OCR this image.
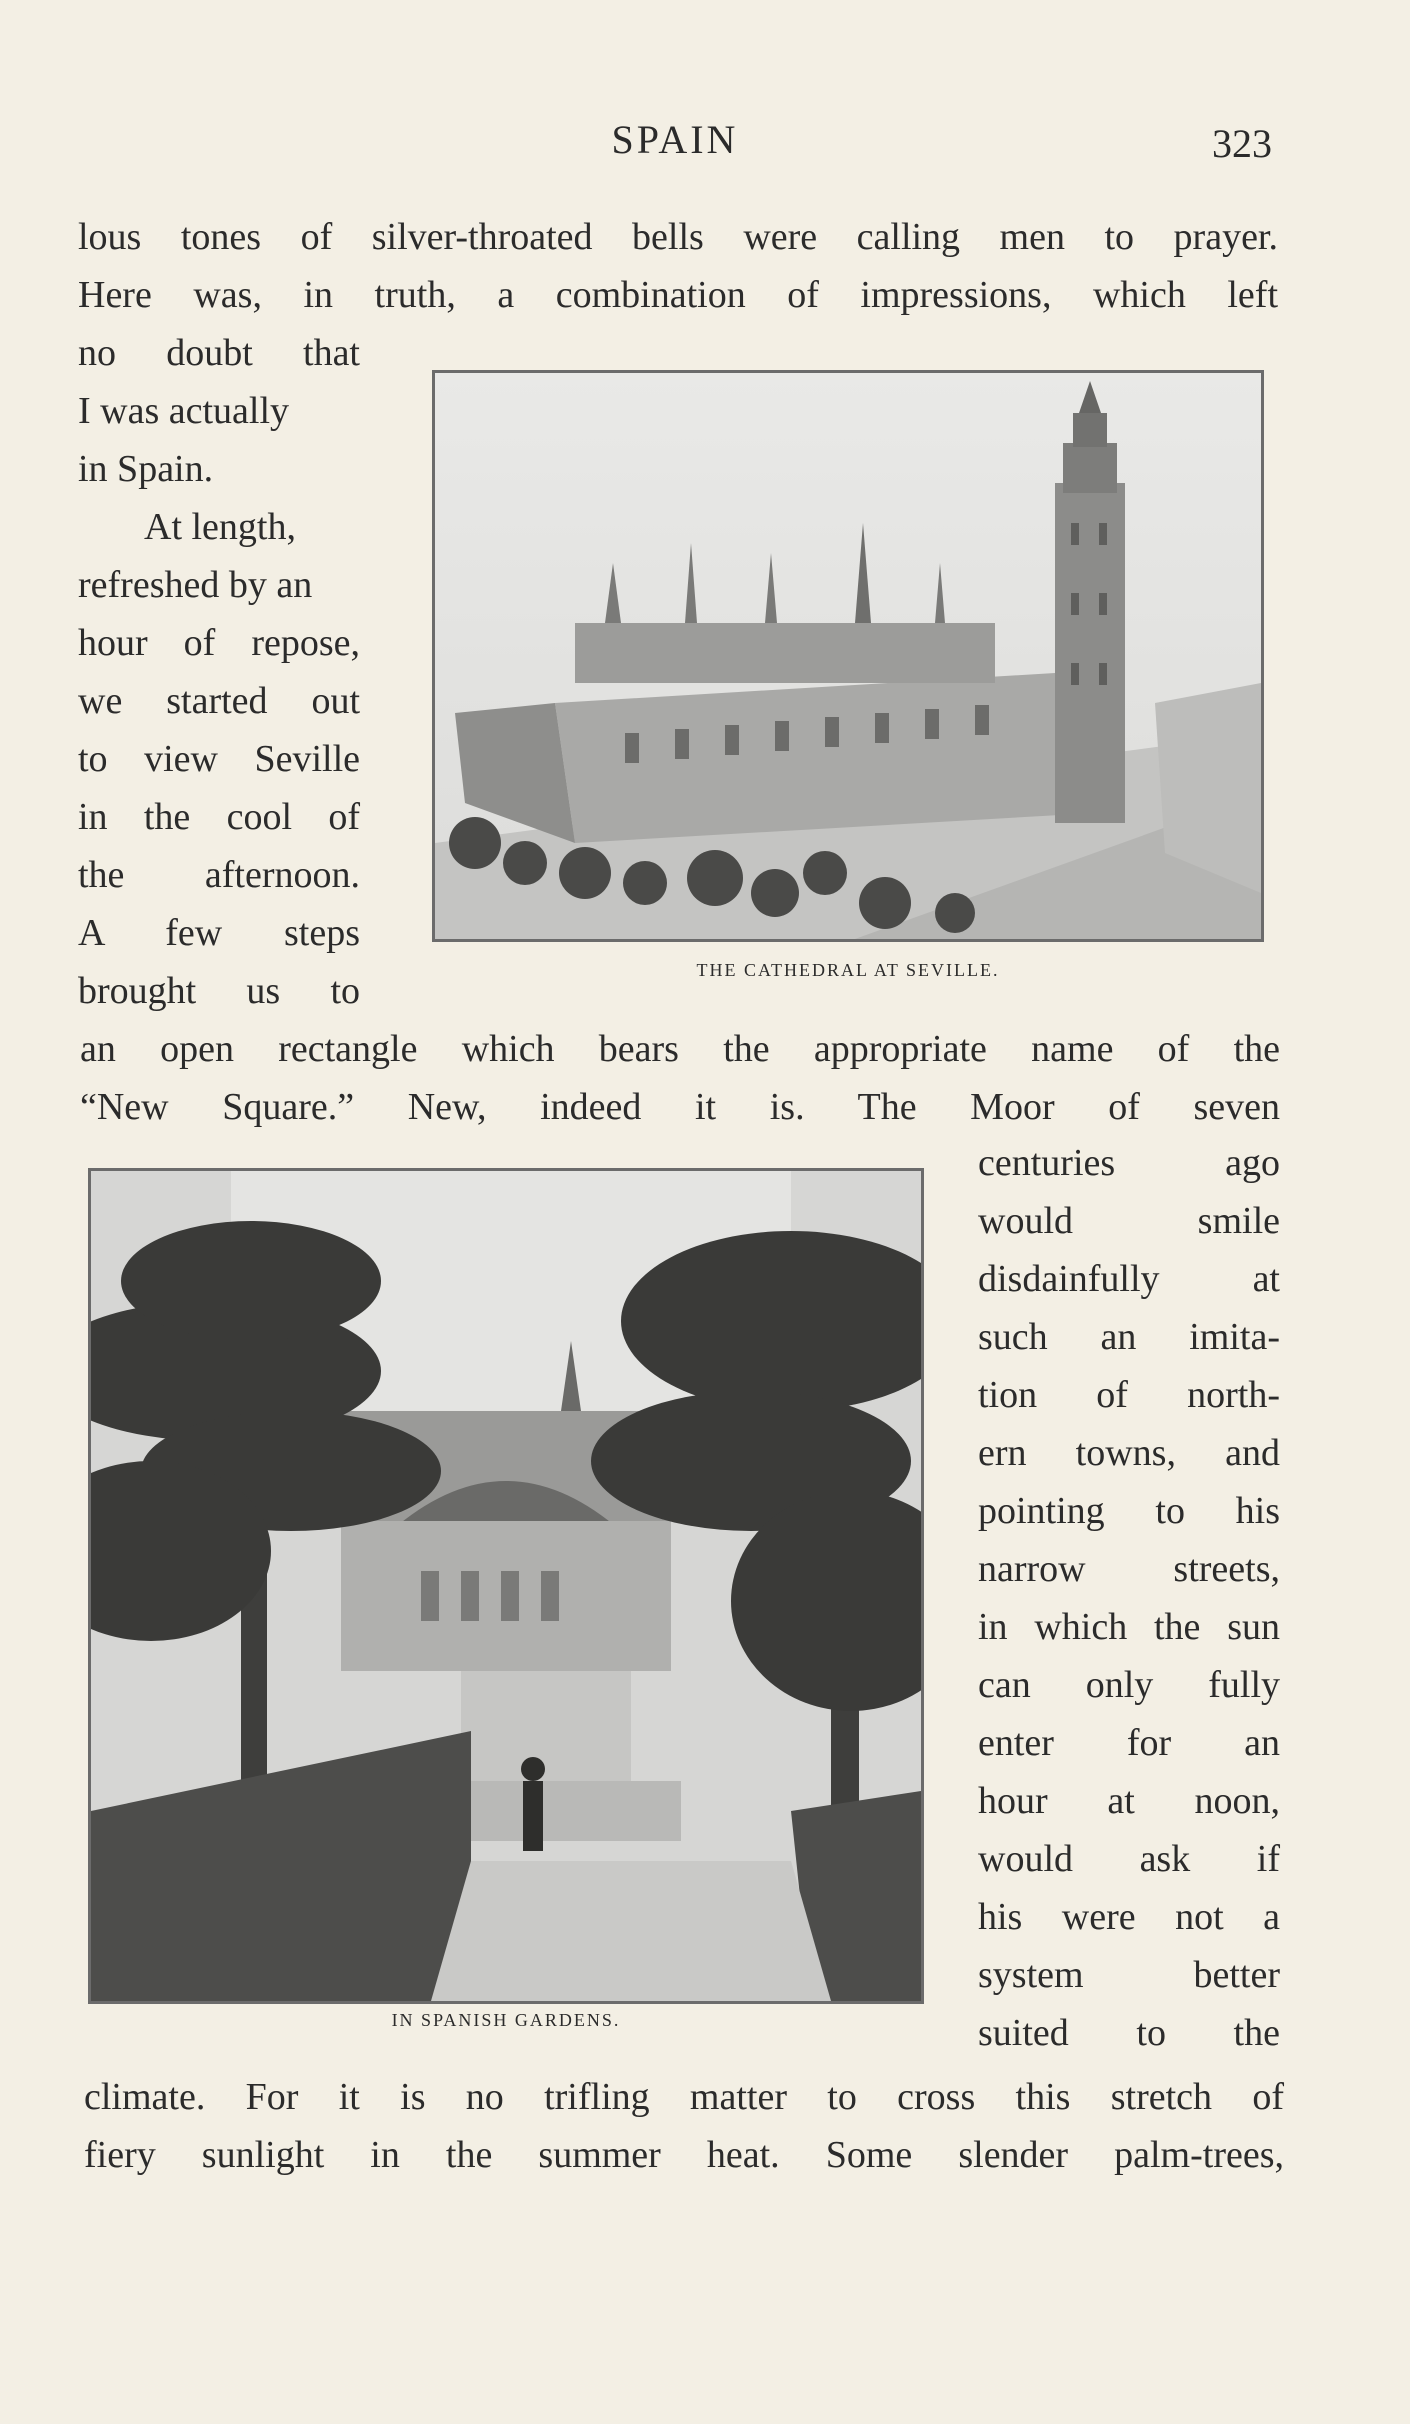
SPAIN	323
lous tones of silver-throated bells were calling men to prayer.
Here was, in truth, a combination of impressions, which left
no doubt that
I was actually
in Spain.
At length,
refreshed by an
hour of repose,
we started out
to view Seville
in the cool of
the afternoon.
A few steps
brought us to	THE CATHEDRAL AT SEVILLE.
an open rectangle which bears the appropriate name of the
“New Square.” New, indeed it is. The Moor of seven
IN SPANISH GARDENS.
centuries ago
would smile
disdainfully at
such an imita-
tion of north-
ern towns, and
pointing to his
narrow streets,
in which the sun
can only fully
enter for an
hour at noon,
would ask if
his were not a
system better
suited to the
climate. For it is no trifling matter to cross this stretch of
fiery sunlight in the summer heat. Some slender palm-trees,
